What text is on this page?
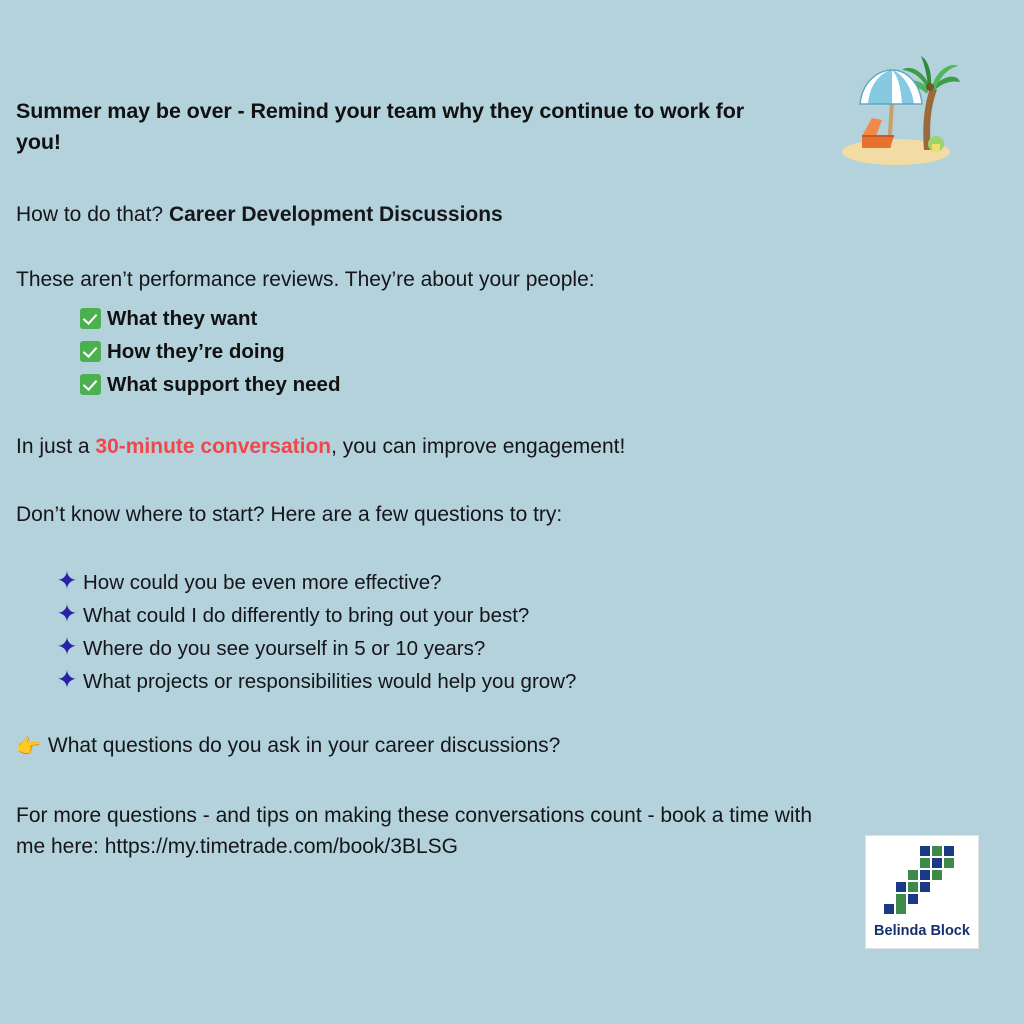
Summer may be over - Remind your team why they continue to work for you!
How to do that? Career Development Discussions
These aren’t performance reviews. They’re about your people:
What they want
How they’re doing
What support they need
In just a 30-minute conversation, you can improve engagement!
Don’t know where to start? Here are a few questions to try:
✦ How could you be even more effective?
✦ What could I do differently to bring out your best?
✦ Where do you see yourself in 5 or 10 years?
✦ What projects or responsibilities would help you grow?
👉 What questions do you ask in your career discussions?
For more questions - and tips on making these conversations count - book a time with me here: https://my.timetrade.com/book/3BLSG
Belinda Block
